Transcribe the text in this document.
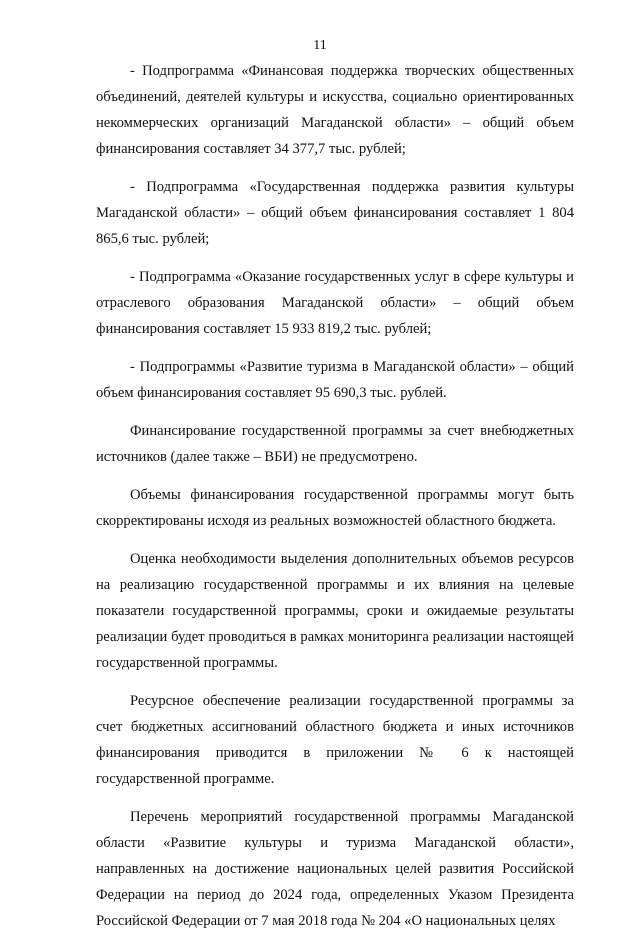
11

- Подпрограмма «Финансовая поддержка творческих общественных объединений, деятелей культуры и искусства, социально ориентированных некоммерческих организаций Магаданской области» – общий объем финансирования составляет 34 377,7 тыс. рублей;

- Подпрограмма «Государственная поддержка развития культуры Магаданской области» – общий объем финансирования составляет 1 804 865,6 тыс. рублей;

- Подпрограмма «Оказание государственных услуг в сфере культуры и отраслевого образования Магаданской области» – общий объем финансирования составляет 15 933 819,2 тыс. рублей;

- Подпрограммы «Развитие туризма в Магаданской области» – общий объем финансирования составляет 95 690,3 тыс. рублей.

Финансирование государственной программы за счет внебюджетных источников (далее также – ВБИ) не предусмотрено.

Объемы финансирования государственной программы могут быть скорректированы исходя из реальных возможностей областного бюджета.

Оценка необходимости выделения дополнительных объемов ресурсов на реализацию государственной программы и их влияния на целевые показатели государственной программы, сроки и ожидаемые результаты реализации будет проводиться в рамках мониторинга реализации настоящей государственной программы.

Ресурсное обеспечение реализации государственной программы за счет бюджетных ассигнований областного бюджета и иных источников финансирования приводится в приложении № 6 к настоящей государственной программе.

Перечень мероприятий государственной программы Магаданской области «Развитие культуры и туризма Магаданской области», направленных на достижение национальных целей развития Российской Федерации на период до 2024 года, определенных Указом Президента Российской Федерации от 7 мая 2018 года № 204 «О национальных целях
